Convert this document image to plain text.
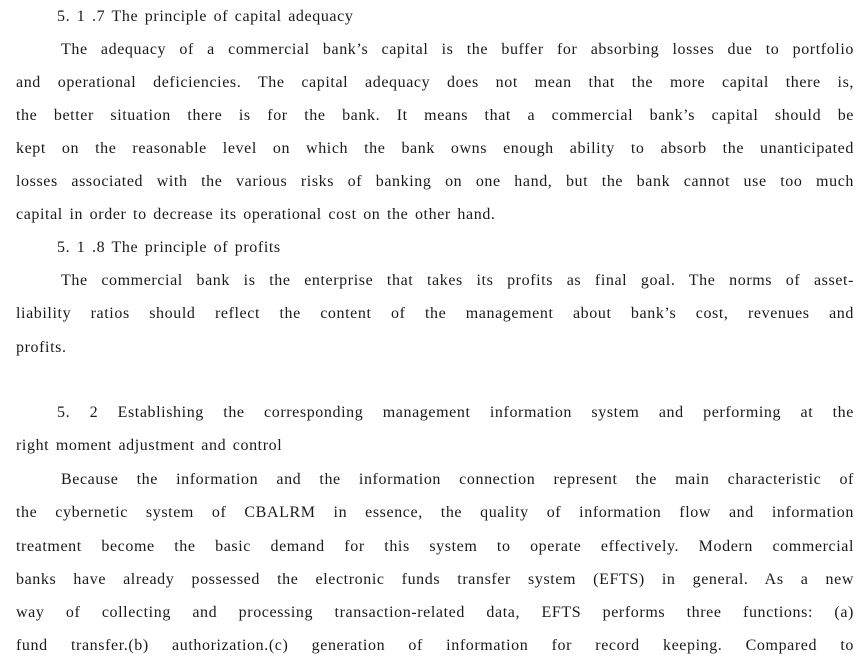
5. 1 .7 The principle of capital adequacy
The adequacy of a commercial bank’s capital is the buffer for absorbing losses due to portfolio
and operational deficiencies. The capital adequacy does not mean that the more capital there is,
the better situation there is for the bank. It means that a commercial bank’s capital should be
kept on the reasonable level on which the bank owns enough ability to absorb the unanticipated
losses associated with the various risks of banking on one hand, but the bank cannot use too much
capital in order to decrease its operational cost on the other hand.
5. 1 .8 The principle of profits
The commercial bank is the enterprise that takes its profits as final goal. The norms of asset-
liability ratios should reflect the content of the management about bank’s cost, revenues and
profits.
5. 2 Establishing the corresponding management information system and performing at the
right moment adjustment and control
Because the information and the information connection represent the main characteristic of
the cybernetic system of CBALRM in essence, the quality of information flow and information
treatment become the basic demand for this system to operate effectively. Modern commercial
banks have already possessed the electronic funds transfer system (EFTS) in general. As a new
way of collecting and processing transaction-related data, EFTS performs three functions: (a)
fund transfer.(b) authorization.(c) generation of information for record keeping. Compared to
